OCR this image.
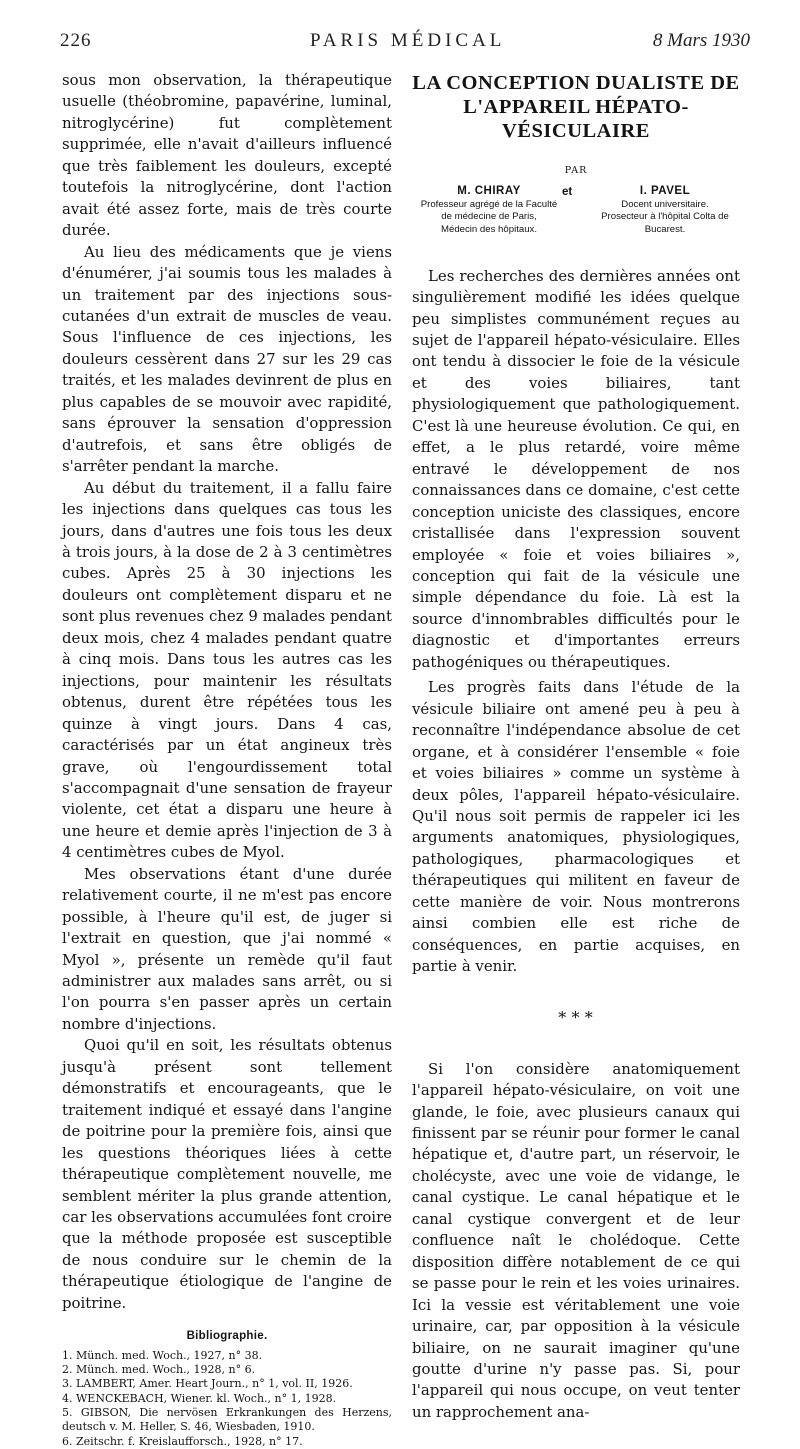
226	PARIS MÉDICAL	8 Mars 1930

sous mon observation, la thérapeutique usuelle (théobromine, papavérine, luminal, nitroglycérine) fut complètement supprimée, elle n'avait d'ailleurs influencé que très faiblement les douleurs, excepté toutefois la nitroglycérine, dont l'action avait été assez forte, mais de très courte durée.

Au lieu des médicaments que je viens d'énumérer, j'ai soumis tous les malades à un traitement par des injections sous-cutanées d'un extrait de muscles de veau. Sous l'influence de ces injections, les douleurs cessèrent dans 27 sur les 29 cas traités, et les malades devinrent de plus en plus capables de se mouvoir avec rapidité, sans éprouver la sensation d'oppression d'autrefois, et sans être obligés de s'arrêter pendant la marche.

Au début du traitement, il a fallu faire les injections dans quelques cas tous les jours, dans d'autres une fois tous les deux à trois jours, à la dose de 2 à 3 centimètres cubes. Après 25 à 30 injections les douleurs ont complètement disparu et ne sont plus revenues chez 9 malades pendant deux mois, chez 4 malades pendant quatre à cinq mois. Dans tous les autres cas les injections, pour maintenir les résultats obtenus, durent être répétées tous les quinze à vingt jours. Dans 4 cas, caractérisés par un état angineux très grave, où l'engourdissement total s'accompagnait d'une sensation de frayeur violente, cet état a disparu une heure à une heure et demie après l'injection de 3 à 4 centimètres cubes de Myol.

Mes observations étant d'une durée relativement courte, il ne m'est pas encore possible, à l'heure qu'il est, de juger si l'extrait en question, que j'ai nommé « Myol », présente un remède qu'il faut administrer aux malades sans arrêt, ou si l'on pourra s'en passer après un certain nombre d'injections.

Quoi qu'il en soit, les résultats obtenus jusqu'à présent sont tellement démonstratifs et encourageants, que le traitement indiqué et essayé dans l'angine de poitrine pour la première fois, ainsi que les questions théoriques liées à cette thérapeutique complètement nouvelle, me semblent mériter la plus grande attention, car les observations accumulées font croire que la méthode proposée est susceptible de nous conduire sur le chemin de la thérapeutique étiologique de l'angine de poitrine.

Bibliographie.
1. Münch. med. Woch., 1927, n° 38.
2. Münch. med. Woch., 1928, n° 6.
3. LAMBERT, Amer. Heart Journ., n° 1, vol. II, 1926.
4. WENCKEBACH, Wiener. kl. Woch., n° 1, 1928.
5. GIBSON, Die nervösen Erkrankungen des Herzens, deutsch v. M. Heller, S. 46, Wiesbaden, 1910.
6. Zeitschr. f. Kreislaufforsch., 1928, n° 17.
LA CONCEPTION DUALISTE DE L'APPAREIL HÉPATO-VÉSICULAIRE
PAR
M. CHIRAY
Professeur agrégé de la Faculté
de médecine de Paris,
Médecin des hôpitaux.
et	I. PAVEL
Docent universitaire.
Prosecteur à l'hôpital Colta de
Bucarest.

Les recherches des dernières années ont singulièrement modifié les idées quelque peu simplistes communément reçues au sujet de l'appareil hépato-vésiculaire. Elles ont tendu à dissocier le foie de la vésicule et des voies biliaires, tant physiologiquement que pathologiquement. C'est là une heureuse évolution. Ce qui, en effet, a le plus retardé, voire même entravé le développement de nos connaissances dans ce domaine, c'est cette conception uniciste des classiques, encore cristallisée dans l'expression souvent employée « foie et voies biliaires », conception qui fait de la vésicule une simple dépendance du foie. Là est la source d'innombrables difficultés pour le diagnostic et d'importantes erreurs pathogéniques ou thérapeutiques.

Les progrès faits dans l'étude de la vésicule biliaire ont amené peu à peu à reconnaître l'indépendance absolue de cet organe, et à considérer l'ensemble « foie et voies biliaires » comme un système à deux pôles, l'appareil hépato-vésiculaire. Qu'il nous soit permis de rappeler ici les arguments anatomiques, physiologiques, pathologiques, pharmacologiques et thérapeutiques qui militent en faveur de cette manière de voir. Nous montrerons ainsi combien elle est riche de conséquences, en partie acquises, en partie à venir.

* * *

Si l'on considère anatomiquement l'appareil hépato-vésiculaire, on voit une glande, le foie, avec plusieurs canaux qui finissent par se réunir pour former le canal hépatique et, d'autre part, un réservoir, le cholécyste, avec une voie de vidange, le canal cystique. Le canal hépatique et le canal cystique convergent et de leur confluence naît le cholédoque. Cette disposition diffère notablement de ce qui se passe pour le rein et les voies urinaires. Ici la vessie est véritablement une voie urinaire, car, par opposition à la vésicule biliaire, on ne saurait imaginer qu'une goutte d'urine n'y passe pas. Si, pour l'appareil qui nous occupe, on veut tenter un rapprochement ana-
